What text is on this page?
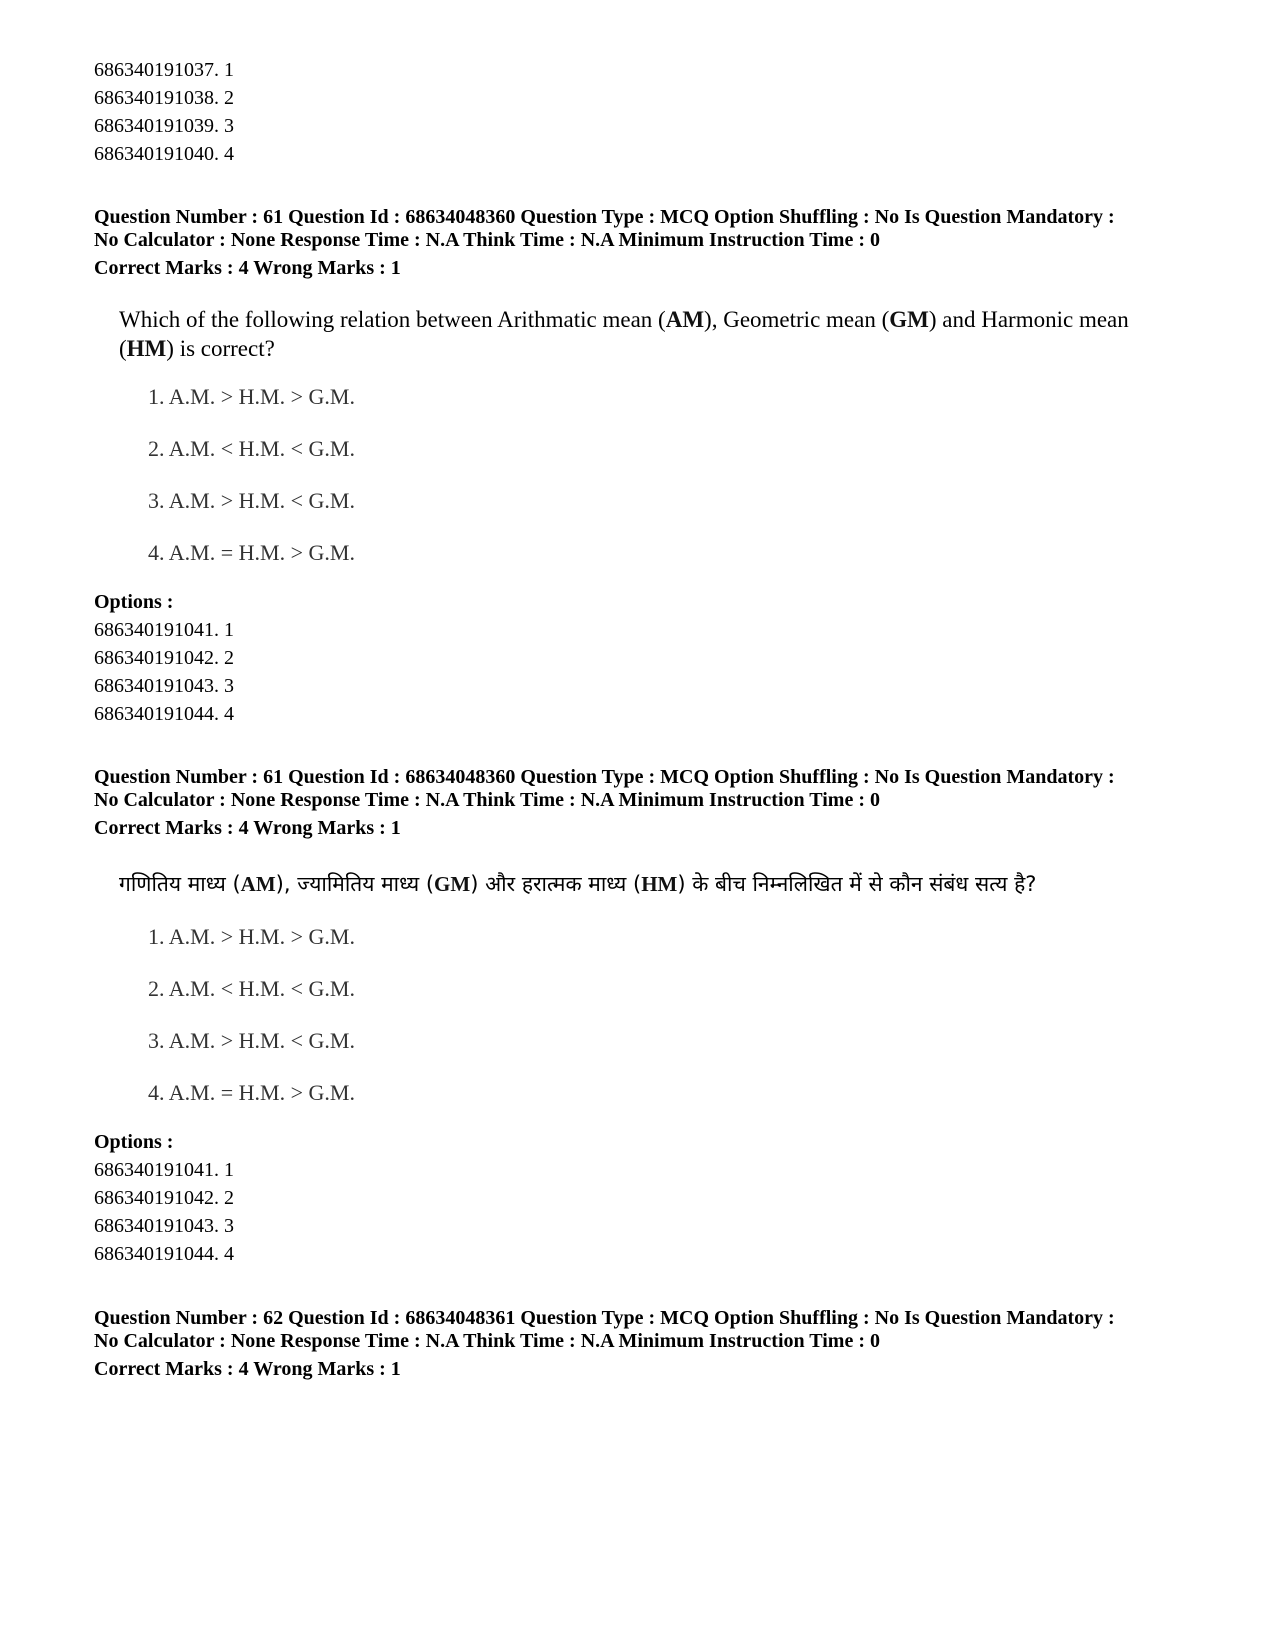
686340191037. 1
686340191038. 2
686340191039. 3
686340191040. 4
Question Number : 61 Question Id : 68634048360 Question Type : MCQ Option Shuffling : No Is Question Mandatory :
No Calculator : None Response Time : N.A Think Time : N.A Minimum Instruction Time : 0
Correct Marks : 4 Wrong Marks : 1
Which of the following relation between Arithmatic mean (AM), Geometric mean (GM) and Harmonic mean
(HM) is correct?
1. A.M. > H.M. > G.M.
2. A.M. < H.M. < G.M.
3. A.M. > H.M. < G.M.
4. A.M. = H.M. > G.M.
Options :
686340191041. 1
686340191042. 2
686340191043. 3
686340191044. 4
Question Number : 61 Question Id : 68634048360 Question Type : MCQ Option Shuffling : No Is Question Mandatory :
No Calculator : None Response Time : N.A Think Time : N.A Minimum Instruction Time : 0
Correct Marks : 4 Wrong Marks : 1
गणितिय माध्य (AM), ज्यामितिय माध्य (GM) और हरात्मक माध्य (HM) के बीच निम्नलिखित में से कौन संबंध सत्य है?
1. A.M. > H.M. > G.M.
2. A.M. < H.M. < G.M.
3. A.M. > H.M. < G.M.
4. A.M. = H.M. > G.M.
Options :
686340191041. 1
686340191042. 2
686340191043. 3
686340191044. 4
Question Number : 62 Question Id : 68634048361 Question Type : MCQ Option Shuffling : No Is Question Mandatory :
No Calculator : None Response Time : N.A Think Time : N.A Minimum Instruction Time : 0
Correct Marks : 4 Wrong Marks : 1
